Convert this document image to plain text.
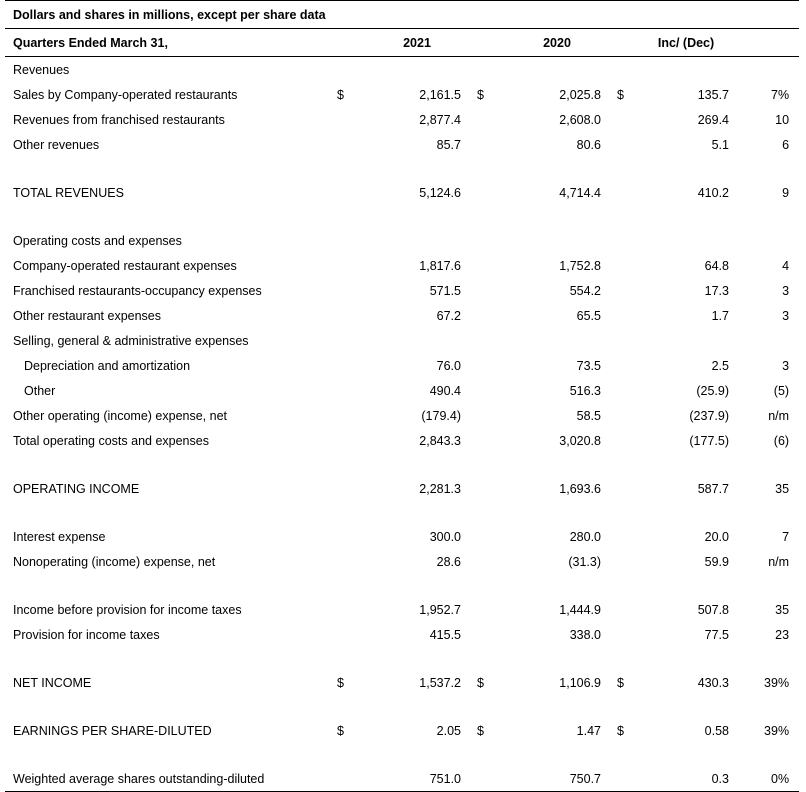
Dollars and shares in millions, except per share data										
Quarters Ended March 31,	2021			2020			Inc/ (Dec)			
Revenues										
Sales by Company-operated restaurants	$	2,161.5		$	2,025.8		$	135.7		7%
Revenues from franchised restaurants		2,877.4			2,608.0			269.4		10
Other revenues		85.7			80.6			5.1		6

TOTAL REVENUES		5,124.6			4,714.4			410.2		9

Operating costs and expenses										
Company-operated restaurant expenses		1,817.6			1,752.8			64.8		4
Franchised restaurants-occupancy expenses		571.5			554.2			17.3		3
Other restaurant expenses		67.2			65.5			1.7		3
Selling, general & administrative expenses										
Depreciation and amortization		76.0			73.5			2.5		3
Other		490.4			516.3			(25.9)		(5)
Other operating (income) expense, net		(179.4)			58.5			(237.9)		n/m
Total operating costs and expenses		2,843.3			3,020.8			(177.5)		(6)

OPERATING INCOME		2,281.3			1,693.6			587.7		35

Interest expense		300.0			280.0			20.0		7
Nonoperating (income) expense, net		28.6			(31.3)			59.9		n/m

Income before provision for income taxes		1,952.7			1,444.9			507.8		35
Provision for income taxes		415.5			338.0			77.5		23

NET INCOME	$	1,537.2		$	1,106.9		$	430.3		39%

EARNINGS PER SHARE-DILUTED	$	2.05		$	1.47		$	0.58		39%

Weighted average shares outstanding-diluted		751.0			750.7			0.3		0%
